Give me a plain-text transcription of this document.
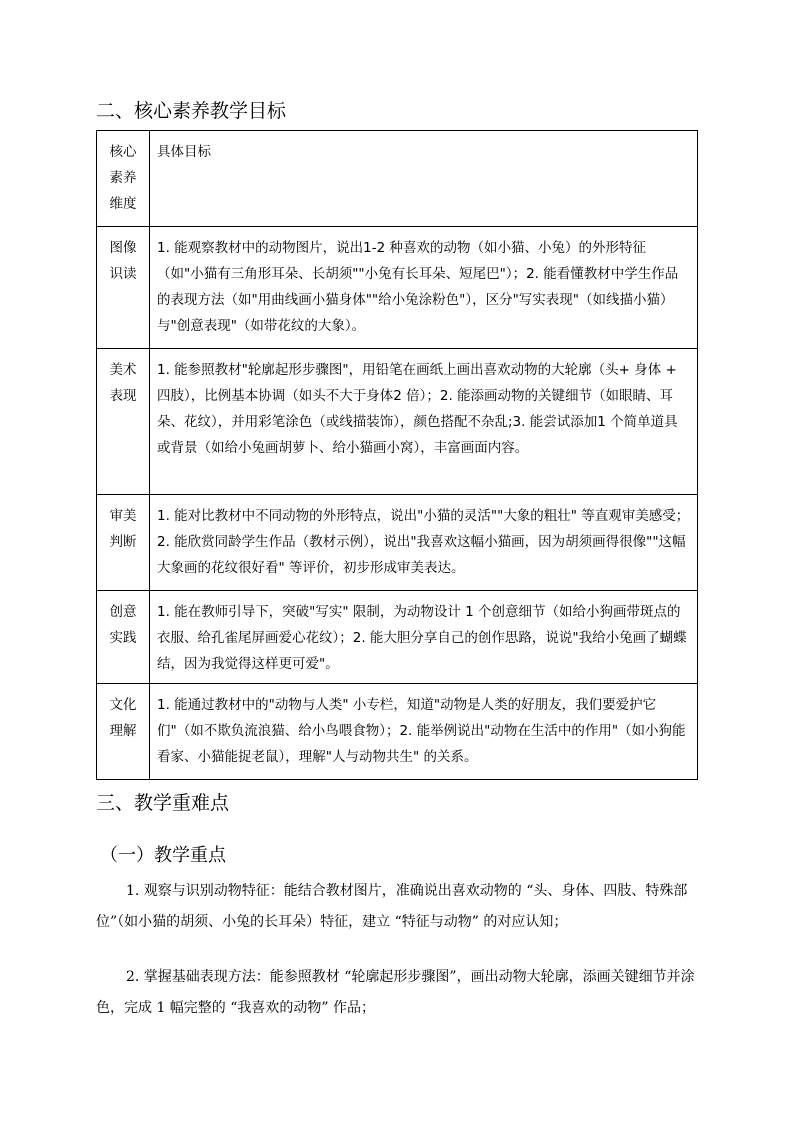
二、核心素养教学目标
核心素养维度	具体目标

图像识读	1. 能观察教材中的动物图片，说出1-2 种喜欢的动物（如小猫、小兔）的外形特征（如"小猫有三角形耳朵、长胡须""小兔有长耳朵、短尾巴"）；2. 能看懂教材中学生作品的表现方法（如"用曲线画小猫身体""给小兔涂粉色"），区分"写实表现"（如线描小猫）与"创意表现"（如带花纹的大象）。

美术表现	1. 能参照教材"轮廓起形步骤图"，用铅笔在画纸上画出喜欢动物的大轮廓（头+ 身体 + 四肢），比例基本协调（如头不大于身体2 倍）；2. 能添画动物的关键细节（如眼睛、耳朵、花纹），并用彩笔涂色（或线描装饰），颜色搭配不杂乱;3. 能尝试添加1 个简单道具或背景（如给小兔画胡萝卜、给小猫画小窝），丰富画面内容。

审美判断	1. 能对比教材中不同动物的外形特点，说出"小猫的灵活""大象的粗壮" 等直观审美感受；2. 能欣赏同龄学生作品（教材示例），说出"我喜欢这幅小猫画，因为胡须画得很像""这幅大象画的花纹很好看" 等评价，初步形成审美表达。

创意实践	1. 能在教师引导下，突破"写实" 限制，为动物设计 1 个创意细节（如给小狗画带斑点的衣服、给孔雀尾屏画爱心花纹）；2. 能大胆分享自己的创作思路，说说"我给小兔画了蝴蝶结，因为我觉得这样更可爱"。

文化理解	1. 能通过教材中的"动物与人类" 小专栏，知道"动物是人类的好朋友，我们要爱护它们"（如不欺负流浪猫、给小鸟喂食物）；2. 能举例说出"动物在生活中的作用"（如小狗能看家、小猫能捉老鼠），理解"人与动物共生" 的关系。
三、教学重难点
（一）教学重点
1. 观察与识别动物特征：能结合教材图片，准确说出喜欢动物的 “头、身体、四肢、特殊部位”（如小猫的胡须、小兔的长耳朵）特征，建立 “特征与动物” 的对应认知；
2. 掌握基础表现方法：能参照教材 “轮廓起形步骤图”，画出动物大轮廓，添画关键细节并涂色，完成 1 幅完整的 “我喜欢的动物” 作品；
